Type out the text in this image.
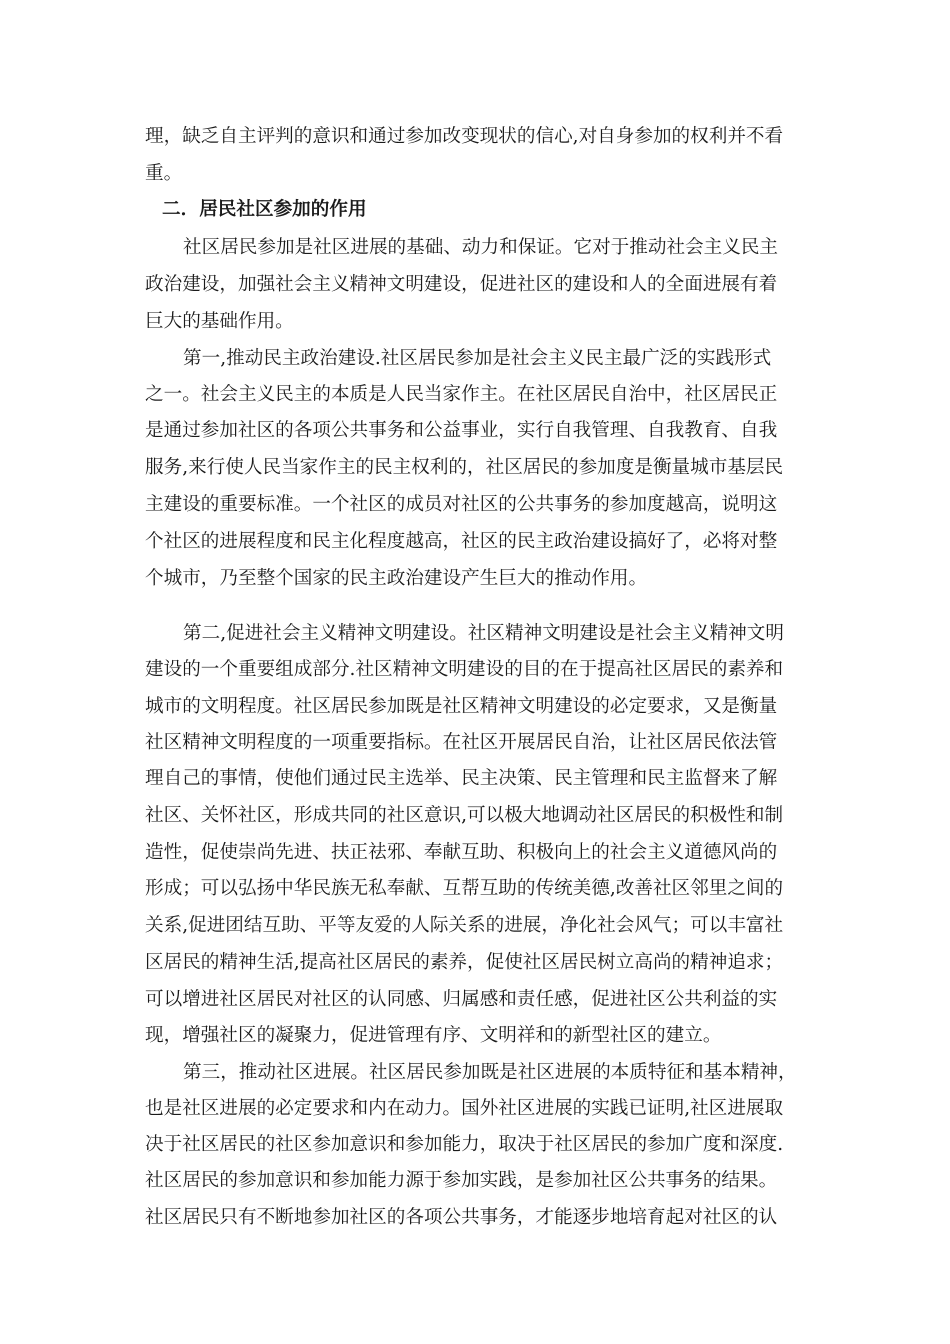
理，缺乏自主评判的意识和通过参加改变现状的信心,对自身参加的权利并不看
重。
二．居民社区参加的作用
社区居民参加是社区进展的基础、动力和保证。它对于推动社会主义民主
政治建设，加强社会主义精神文明建设，促进社区的建设和人的全面进展有着
巨大的基础作用。
第一,推动民主政治建设.社区居民参加是社会主义民主最广泛的实践形式
之一。社会主义民主的本质是人民当家作主。在社区居民自治中，社区居民正
是通过参加社区的各项公共事务和公益事业，实行自我管理、自我教育、自我
服务,来行使人民当家作主的民主权利的，社区居民的参加度是衡量城市基层民
主建设的重要标准。一个社区的成员对社区的公共事务的参加度越高，说明这
个社区的进展程度和民主化程度越高，社区的民主政治建设搞好了，必将对整
个城市，乃至整个国家的民主政治建设产生巨大的推动作用。
第二,促进社会主义精神文明建设。社区精神文明建设是社会主义精神文明
建设的一个重要组成部分.社区精神文明建设的目的在于提高社区居民的素养和
城市的文明程度。社区居民参加既是社区精神文明建设的必定要求，又是衡量
社区精神文明程度的一项重要指标。在社区开展居民自治，让社区居民依法管
理自己的事情，使他们通过民主选举、民主决策、民主管理和民主监督来了解
社区、关怀社区，形成共同的社区意识,可以极大地调动社区居民的积极性和制
造性，促使崇尚先进、扶正祛邪、奉献互助、积极向上的社会主义道德风尚的
形成；可以弘扬中华民族无私奉献、互帮互助的传统美德,改善社区邻里之间的
关系,促进团结互助、平等友爱的人际关系的进展，净化社会风气；可以丰富社
区居民的精神生活,提高社区居民的素养，促使社区居民树立高尚的精神追求；
可以增进社区居民对社区的认同感、归属感和责任感，促进社区公共利益的实
现，增强社区的凝聚力，促进管理有序、文明祥和的新型社区的建立。
第三，推动社区进展。社区居民参加既是社区进展的本质特征和基本精神，
也是社区进展的必定要求和内在动力。国外社区进展的实践已证明,社区进展取
决于社区居民的社区参加意识和参加能力，取决于社区居民的参加广度和深度.
社区居民的参加意识和参加能力源于参加实践，是参加社区公共事务的结果。
社区居民只有不断地参加社区的各项公共事务，才能逐步地培育起对社区的认
